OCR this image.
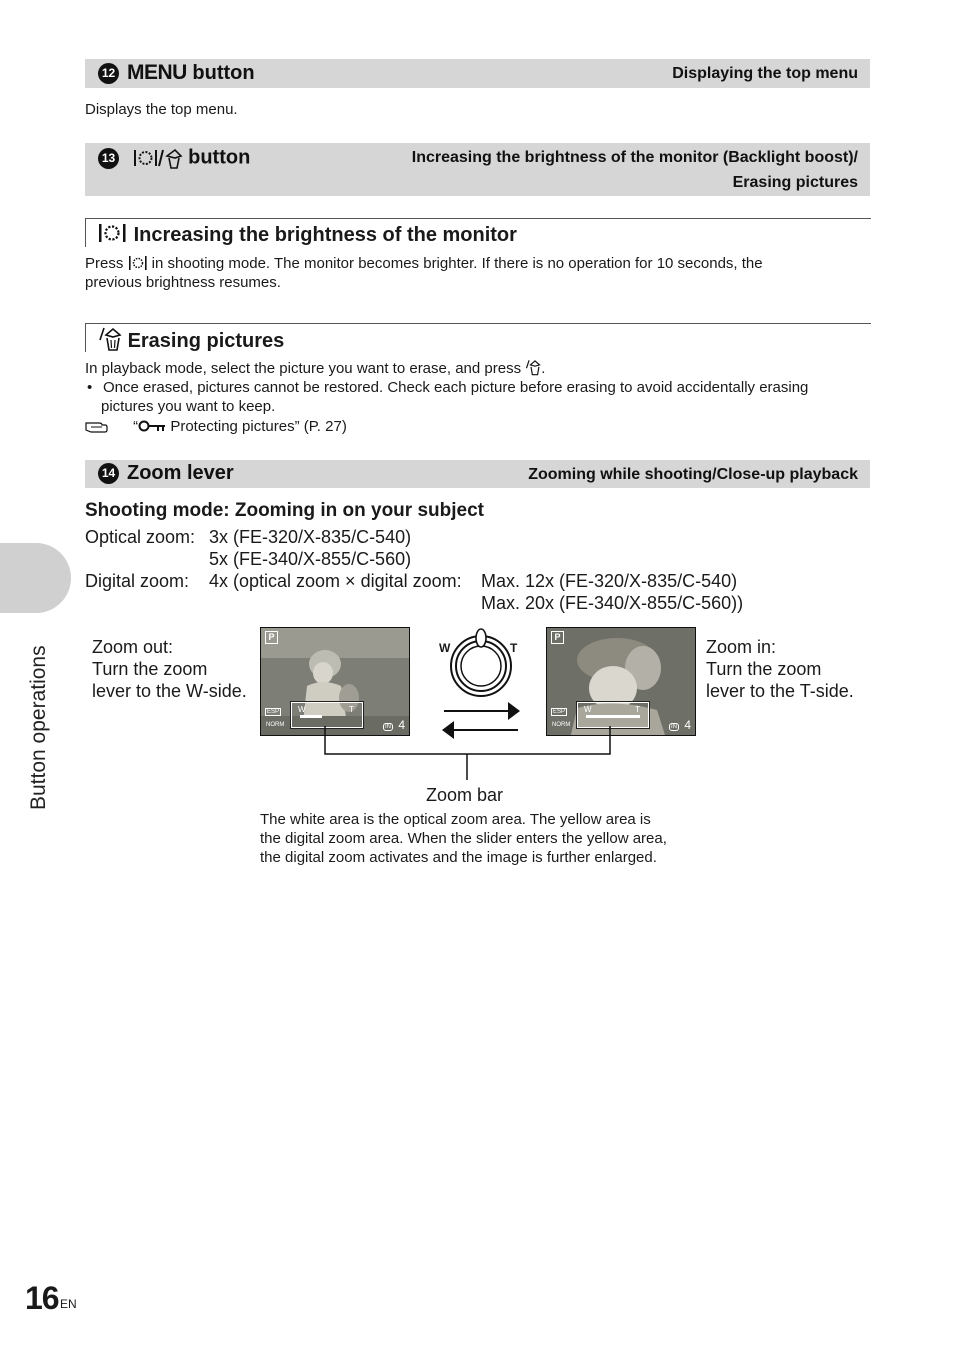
12 MENU button	Displaying the top menu
Displays the top menu.
13	button	Increasing the brightness of the monitor (Backlight boost)/
Erasing pictures
Increasing the brightness of the monitor
Press  in shooting mode. The monitor becomes brighter. If there is no operation for 10 seconds, the
previous brightness resumes.
Erasing pictures
In playback mode, select the picture you want to erase, and press .
• Once erased, pictures cannot be restored. Check each picture before erasing to avoid accidentally erasing
pictures you want to keep.
“ Protecting pictures” (P. 27)
14 Zoom lever	Zooming while shooting/Close-up playback
Shooting mode: Zooming in on your subject
Optical zoom: 3x (FE-320/X-835/C-540)
5x (FE-340/X-855/C-560)
Digital zoom: 4x (optical zoom × digital zoom: Max. 12x (FE-320/X-835/C-540)
Max. 20x (FE-340/X-855/C-560))
Zoom out:
Turn the zoom
lever to the W-side.
P
ESP
NORM
W	T
IN 4
W	T
P
ESP
NORM
W	T
IN 4
Zoom in:
Turn the zoom
lever to the T-side.
Zoom bar
The white area is the optical zoom area. The yellow area is
the digital zoom area. When the slider enters the yellow area,
the digital zoom activates and the image is further enlarged.
Button operations
16 EN
